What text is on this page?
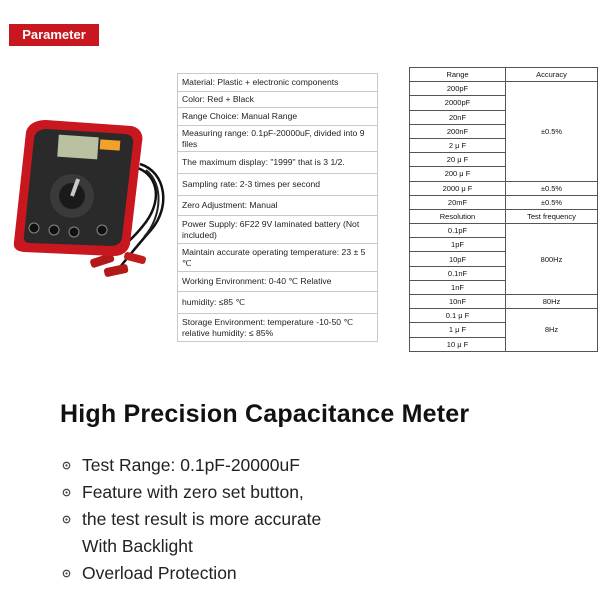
Parameter
Material: Plastic + electronic components
Color: Red + Black
Range Choice: Manual Range
Measuring range: 0.1pF-20000uF, divided into 9 files
The maximum display: "1999" that is 3 1/2.
Sampling rate: 2-3 times per second
Zero Adjustment: Manual
Power Supply: 6F22 9V laminated battery (Not included)
Maintain accurate operating temperature: 23 ± 5 ℃
Working Environment: 0-40 ℃ Relative
humidity: ≤85 ℃
Storage Environment: temperature -10-50 ℃ relative humidity: ≤ 85%
Range	Accuracy
200pF	±0.5%
2000pF	
20nF	
200nF	
2 μ F	
20 μ F	
200 μ F	
2000 μ F	±0.5%
20mF	±0.5%
Resolution	Test frequency
0.1pF	800Hz
1pF	
10pF	
0.1nF	
1nF	
10nF	80Hz
0.1 μ F	8Hz
1 μ F	
10 μ F	
High Precision Capacitance Meter
Test Range: 0.1pF-20000uF
Feature with zero set button,
the test result is more accurate
With Backlight
Overload Protection
